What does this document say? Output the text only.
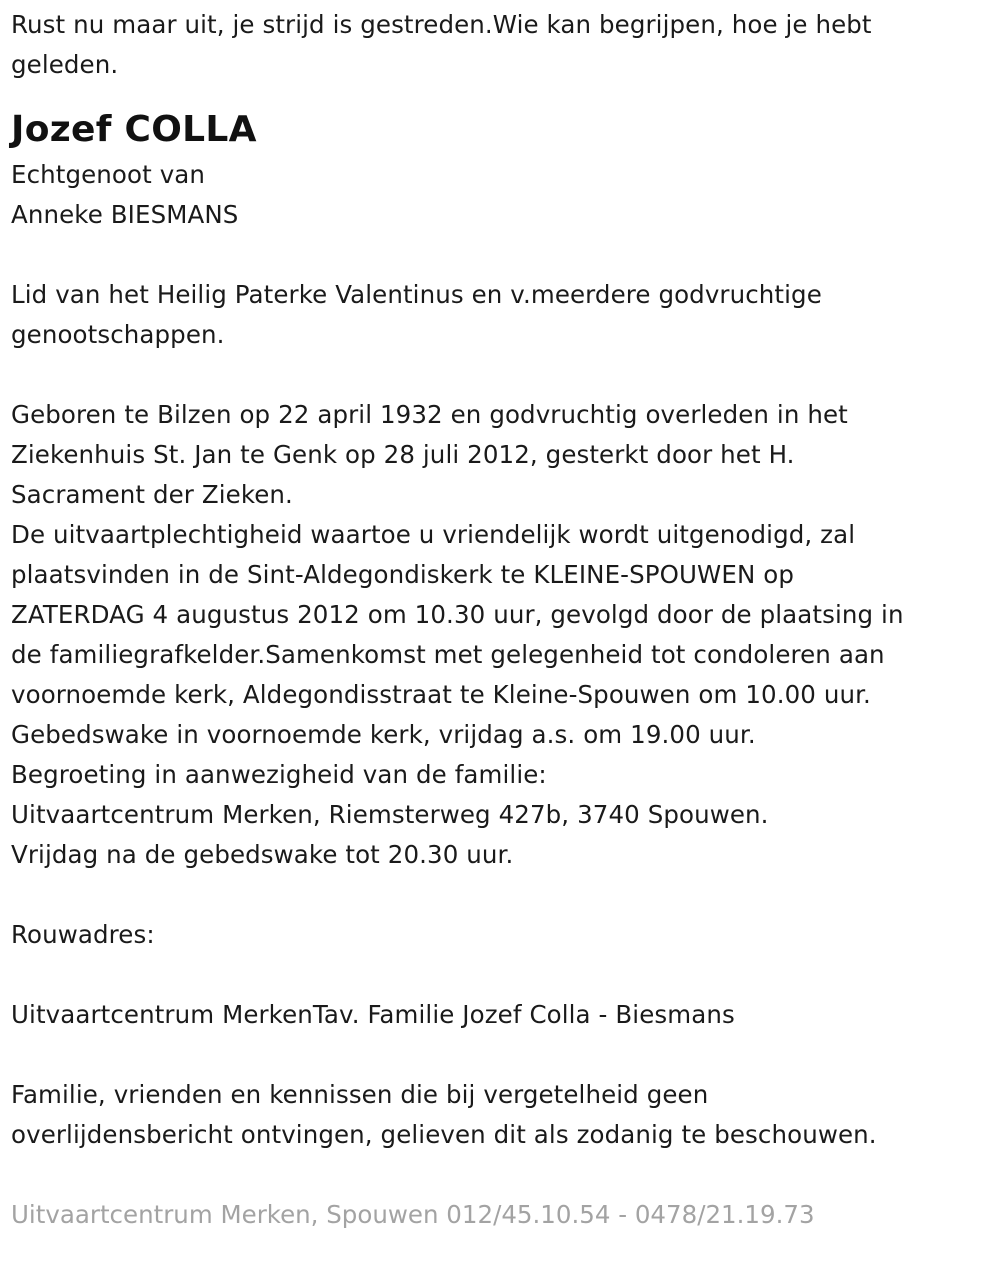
Rust nu maar uit, je strijd is gestreden.Wie kan begrijpen, hoe je hebt
geleden.
Jozef COLLA
Echtgenoot van
Anneke BIESMANS
Lid van het Heilig Paterke Valentinus en v.meerdere godvruchtige
genootschappen.
Geboren te Bilzen op 22 april 1932 en godvruchtig overleden in het
Ziekenhuis St. Jan te Genk op 28 juli 2012, gesterkt door het H.
Sacrament der Zieken.
De uitvaartplechtigheid waartoe u vriendelijk wordt uitgenodigd, zal
plaatsvinden in de Sint-Aldegondiskerk te KLEINE-SPOUWEN op
ZATERDAG 4 augustus 2012 om 10.30 uur, gevolgd door de plaatsing in
de familiegrafkelder.Samenkomst met gelegenheid tot condoleren aan
voornoemde kerk, Aldegondisstraat te Kleine-Spouwen om 10.00 uur.
Gebedswake in voornoemde kerk, vrijdag a.s. om 19.00 uur.
Begroeting in aanwezigheid van de familie:
Uitvaartcentrum Merken, Riemsterweg 427b, 3740 Spouwen.
Vrijdag na de gebedswake tot 20.30 uur.
Rouwadres:
Uitvaartcentrum MerkenTav. Familie Jozef Colla - Biesmans
Familie, vrienden en kennissen die bij vergetelheid geen
overlijdensbericht ontvingen, gelieven dit als zodanig te beschouwen.
Uitvaartcentrum Merken, Spouwen 012/45.10.54 - 0478/21.19.73
